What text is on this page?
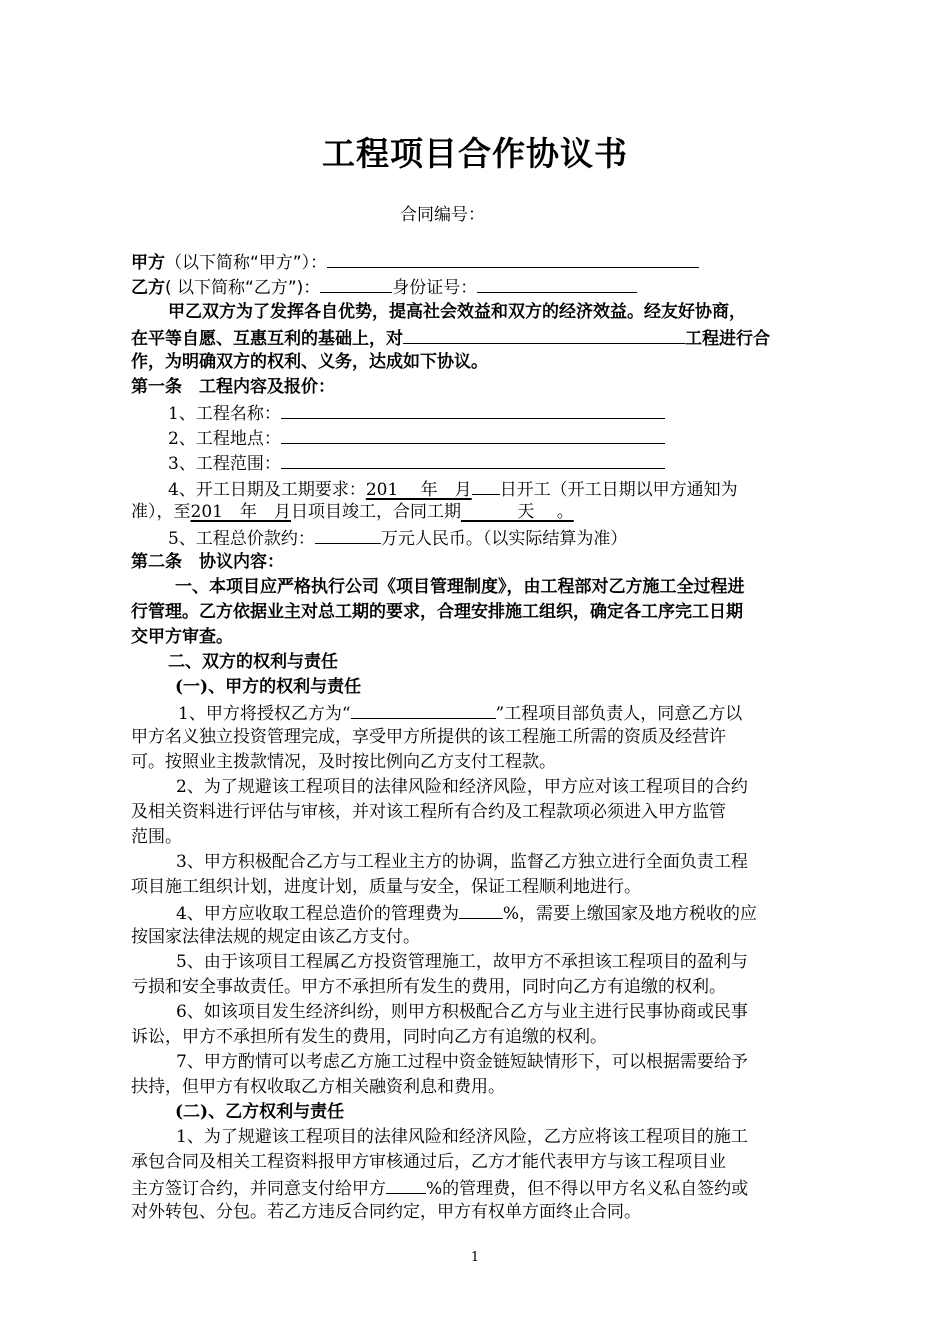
工程项目合作协议书
合同编号：
甲方（以下简称“甲方”）：
乙方( 以下简称“乙方”)：	身份证号：
甲乙双方为了发挥各自优势，提高社会效益和双方的经济效益。经友好协商，
在平等自愿、互惠互利的基础上，对	工程进行合
作，为明确双方的权利、义务，达成如下协议。
第一条　工程内容及报价：
1、工程名称：
2、工程地点：
3、工程范围：
4、开工日期及工期要求：201　 年　月 日开工（开工日期以甲方通知为
准），至201　年　月日项目竣工，合同工期　　　 天　 。
5、工程总价款约：	万元人民币。（以实际结算为准）
第二条　协议内容：
一、本项目应严格执行公司《项目管理制度》，由工程部对乙方施工全过程进
行管理。乙方依据业主对总工期的要求，合理安排施工组织，确定各工序完工日期
交甲方审查。
二、双方的权利与责任
(一)、甲方的权利与责任
1、甲方将授权乙方为“	”工程项目部负责人，同意乙方以
甲方名义独立投资管理完成，享受甲方所提供的该工程施工所需的资质及经营许
可。按照业主拨款情况，及时按比例向乙方支付工程款。
2、为了规避该工程项目的法律风险和经济风险，甲方应对该工程项目的合约
及相关资料进行评估与审核，并对该工程所有合约及工程款项必须进入甲方监管
范围。
3、甲方积极配合乙方与工程业主方的协调，监督乙方独立进行全面负责工程
项目施工组织计划，进度计划，质量与安全，保证工程顺利地进行。
4、甲方应收取工程总造价的管理费为	%，需要上缴国家及地方税收的应
按国家法律法规的规定由该乙方支付。
5、由于该项目工程属乙方投资管理施工，故甲方不承担该工程项目的盈利与
亏损和安全事故责任。甲方不承担所有发生的费用，同时向乙方有追缴的权利。
6、如该项目发生经济纠纷，则甲方积极配合乙方与业主进行民事协商或民事
诉讼，甲方不承担所有发生的费用，同时向乙方有追缴的权利。
7、甲方酌情可以考虑乙方施工过程中资金链短缺情形下，可以根据需要给予
扶持，但甲方有权收取乙方相关融资利息和费用。
(二)、乙方权利与责任
1、为了规避该工程项目的法律风险和经济风险，乙方应将该工程项目的施工
承包合同及相关工程资料报甲方审核通过后，乙方才能代表甲方与该工程项目业
主方签订合约，并同意支付给甲方 %的管理费，但不得以甲方名义私自签约或
对外转包、分包。若乙方违反合同约定，甲方有权单方面终止合同。
1
